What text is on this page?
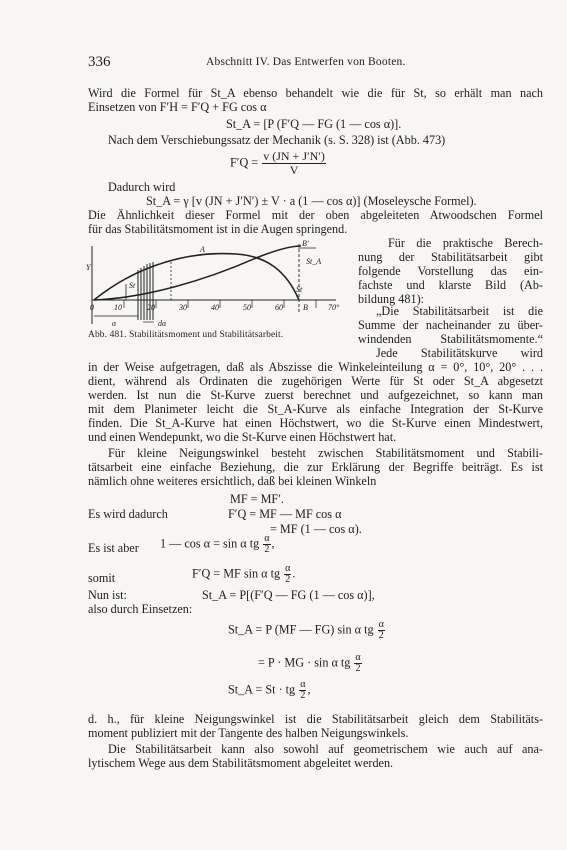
336	Abschnitt IV. Das Entwerfen von Booten.
Wird die Formel für St_A ebenso behandelt wie die für St, so erhält man nach
Einsetzen von F′H = F′Q + FG cos α
St_A = [P (F′Q — FG (1 — cos α)].
Nach dem Verschiebungssatz der Mechanik (s. S. 328) ist (Abb. 473)
$F'Q = \frac{v (JN + J'N')}{V}$
Dadurch wird
St_A = γ [v (JN + J′N′) ± V · a (1 — cos α)] (Moseleysche Formel).
Die Ähnlichkeit dieser Formel mit der oben abgeleiteten Atwoodschen Formel
für das Stabilitätsmoment ist in die Augen springend.
Y
0	10	20	30	40	50	60	B	70°
A
B′
St_A
St
St
α	dα
Abb. 481. Stabilitätsmoment und Stabilitätsarbeit.
Für die praktische Berech-
nung der Stabilitätsarbeit gibt
folgende Vorstellung das ein-
fachste und klarste Bild (Ab-
bildung 481):
„Die Stabilitätsarbeit ist die
Summe der nacheinander zu über-
windenden Stabilitätsmomente.“
Jede Stabilitätskurve wird
in der Weise aufgetragen, daß als Abszisse die Winkeleinteilung α = 0°, 10°, 20° . . .
dient, während als Ordinaten die zugehörigen Werte für St oder St_A abgesetzt
werden. Ist nun die St-Kurve zuerst berechnet und aufgezeichnet, so kann man
mit dem Planimeter leicht die St_A-Kurve als einfache Integration der St-Kurve
finden. Die St_A-Kurve hat einen Höchstwert, wo die St-Kurve einen Mindestwert,
und einen Wendepunkt, wo die St-Kurve einen Höchstwert hat.
Für kleine Neigungswinkel besteht zwischen Stabilitätsmoment und Stabili-
tätsarbeit eine einfache Beziehung, die zur Erklärung der Begriffe beiträgt. Es ist
nämlich ohne weiteres ersichtlich, daß bei kleinen Winkeln
MF = MF′.
Es wird dadurch	F′Q = MF — MF cos α
= MF (1 — cos α).
Es ist aber 1 — cos α = sin α tg $\frac{\alpha}{2}$ ,
somit	F′Q = MF sin α tg $\frac{\alpha}{2}$ .
Nun ist:	St_A = P[(F′Q — FG (1 — cos α)],
also durch Einsetzen:
St_A = P (MF — FG) sin α tg $\frac{\alpha}{2}$
= P · MG · sin α tg $\frac{\alpha}{2}$
St_A = St · tg $\frac{\alpha}{2}$ ,
d. h., für kleine Neigungswinkel ist die Stabilitätsarbeit gleich dem Stabilitäts-
moment publiziert mit der Tangente des halben Neigungswinkels.
Die Stabilitätsarbeit kann also sowohl auf geometrischem wie auch auf ana-
lytischem Wege aus dem Stabilitätsmoment abgeleitet werden.
